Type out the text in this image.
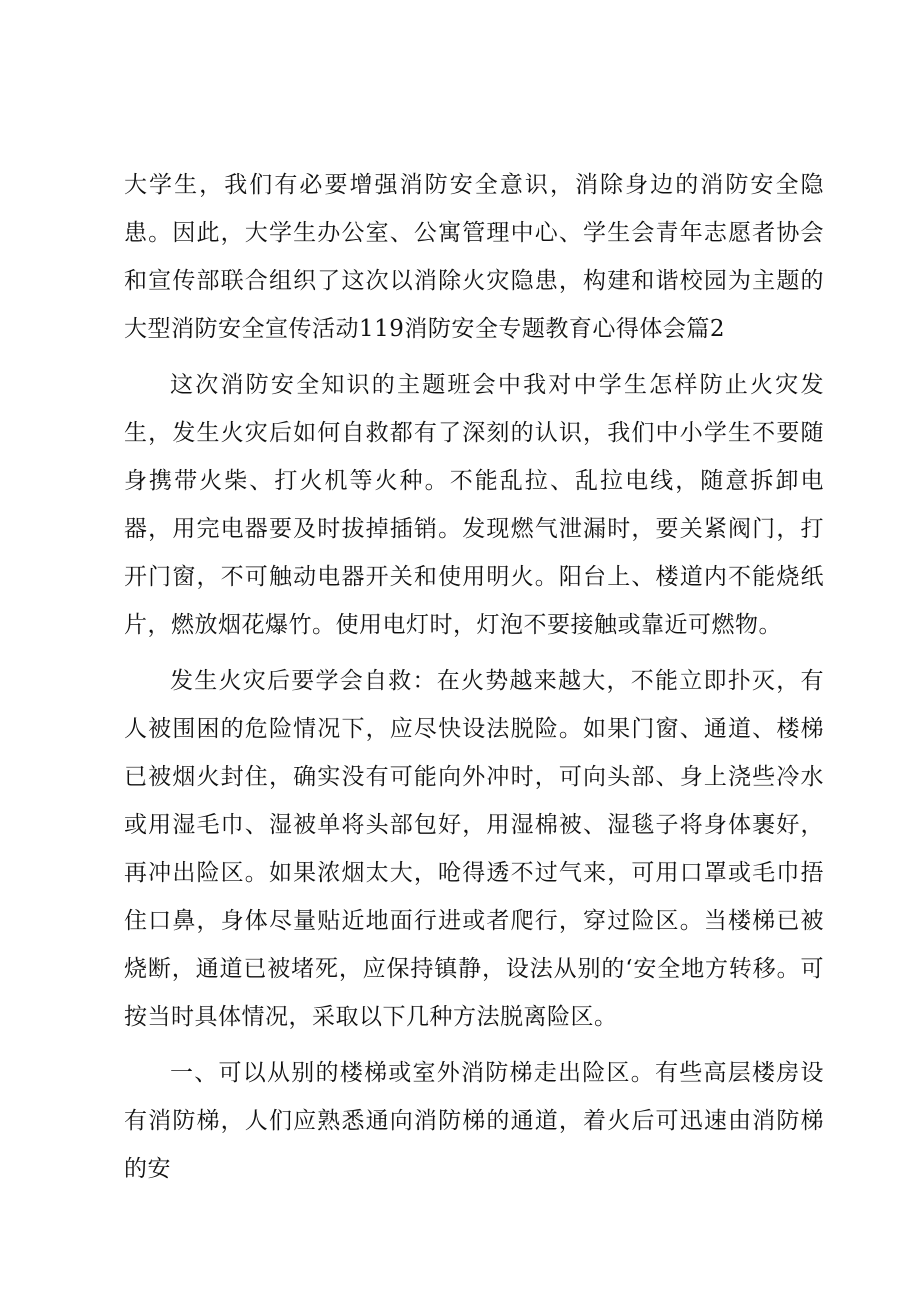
大学生，我们有必要增强消防安全意识，消除身边的消防安全隐患。因此，大学生办公室、公寓管理中心、学生会青年志愿者协会和宣传部联合组织了这次以消除火灾隐患，构建和谐校园为主题的大型消防安全宣传活动119消防安全专题教育心得体会篇2

这次消防安全知识的主题班会中我对中学生怎样防止火灾发生，发生火灾后如何自救都有了深刻的认识，我们中小学生不要随身携带火柴、打火机等火种。不能乱拉、乱拉电线，随意拆卸电器，用完电器要及时拔掉插销。发现燃气泄漏时，要关紧阀门，打开门窗，不可触动电器开关和使用明火。阳台上、楼道内不能烧纸片，燃放烟花爆竹。使用电灯时，灯泡不要接触或靠近可燃物。

发生火灾后要学会自救：在火势越来越大，不能立即扑灭，有人被围困的危险情况下，应尽快设法脱险。如果门窗、通道、楼梯已被烟火封住，确实没有可能向外冲时，可向头部、身上浇些冷水或用湿毛巾、湿被单将头部包好，用湿棉被、湿毯子将身体裹好，再冲出险区。如果浓烟太大，呛得透不过气来，可用口罩或毛巾捂住口鼻，身体尽量贴近地面行进或者爬行，穿过险区。当楼梯已被烧断，通道已被堵死，应保持镇静，设法从别的‘安全地方转移。可按当时具体情况，采取以下几种方法脱离险区。

一、可以从别的楼梯或室外消防梯走出险区。有些高层楼房设有消防梯，人们应熟悉通向消防梯的通道，着火后可迅速由消防梯的安
